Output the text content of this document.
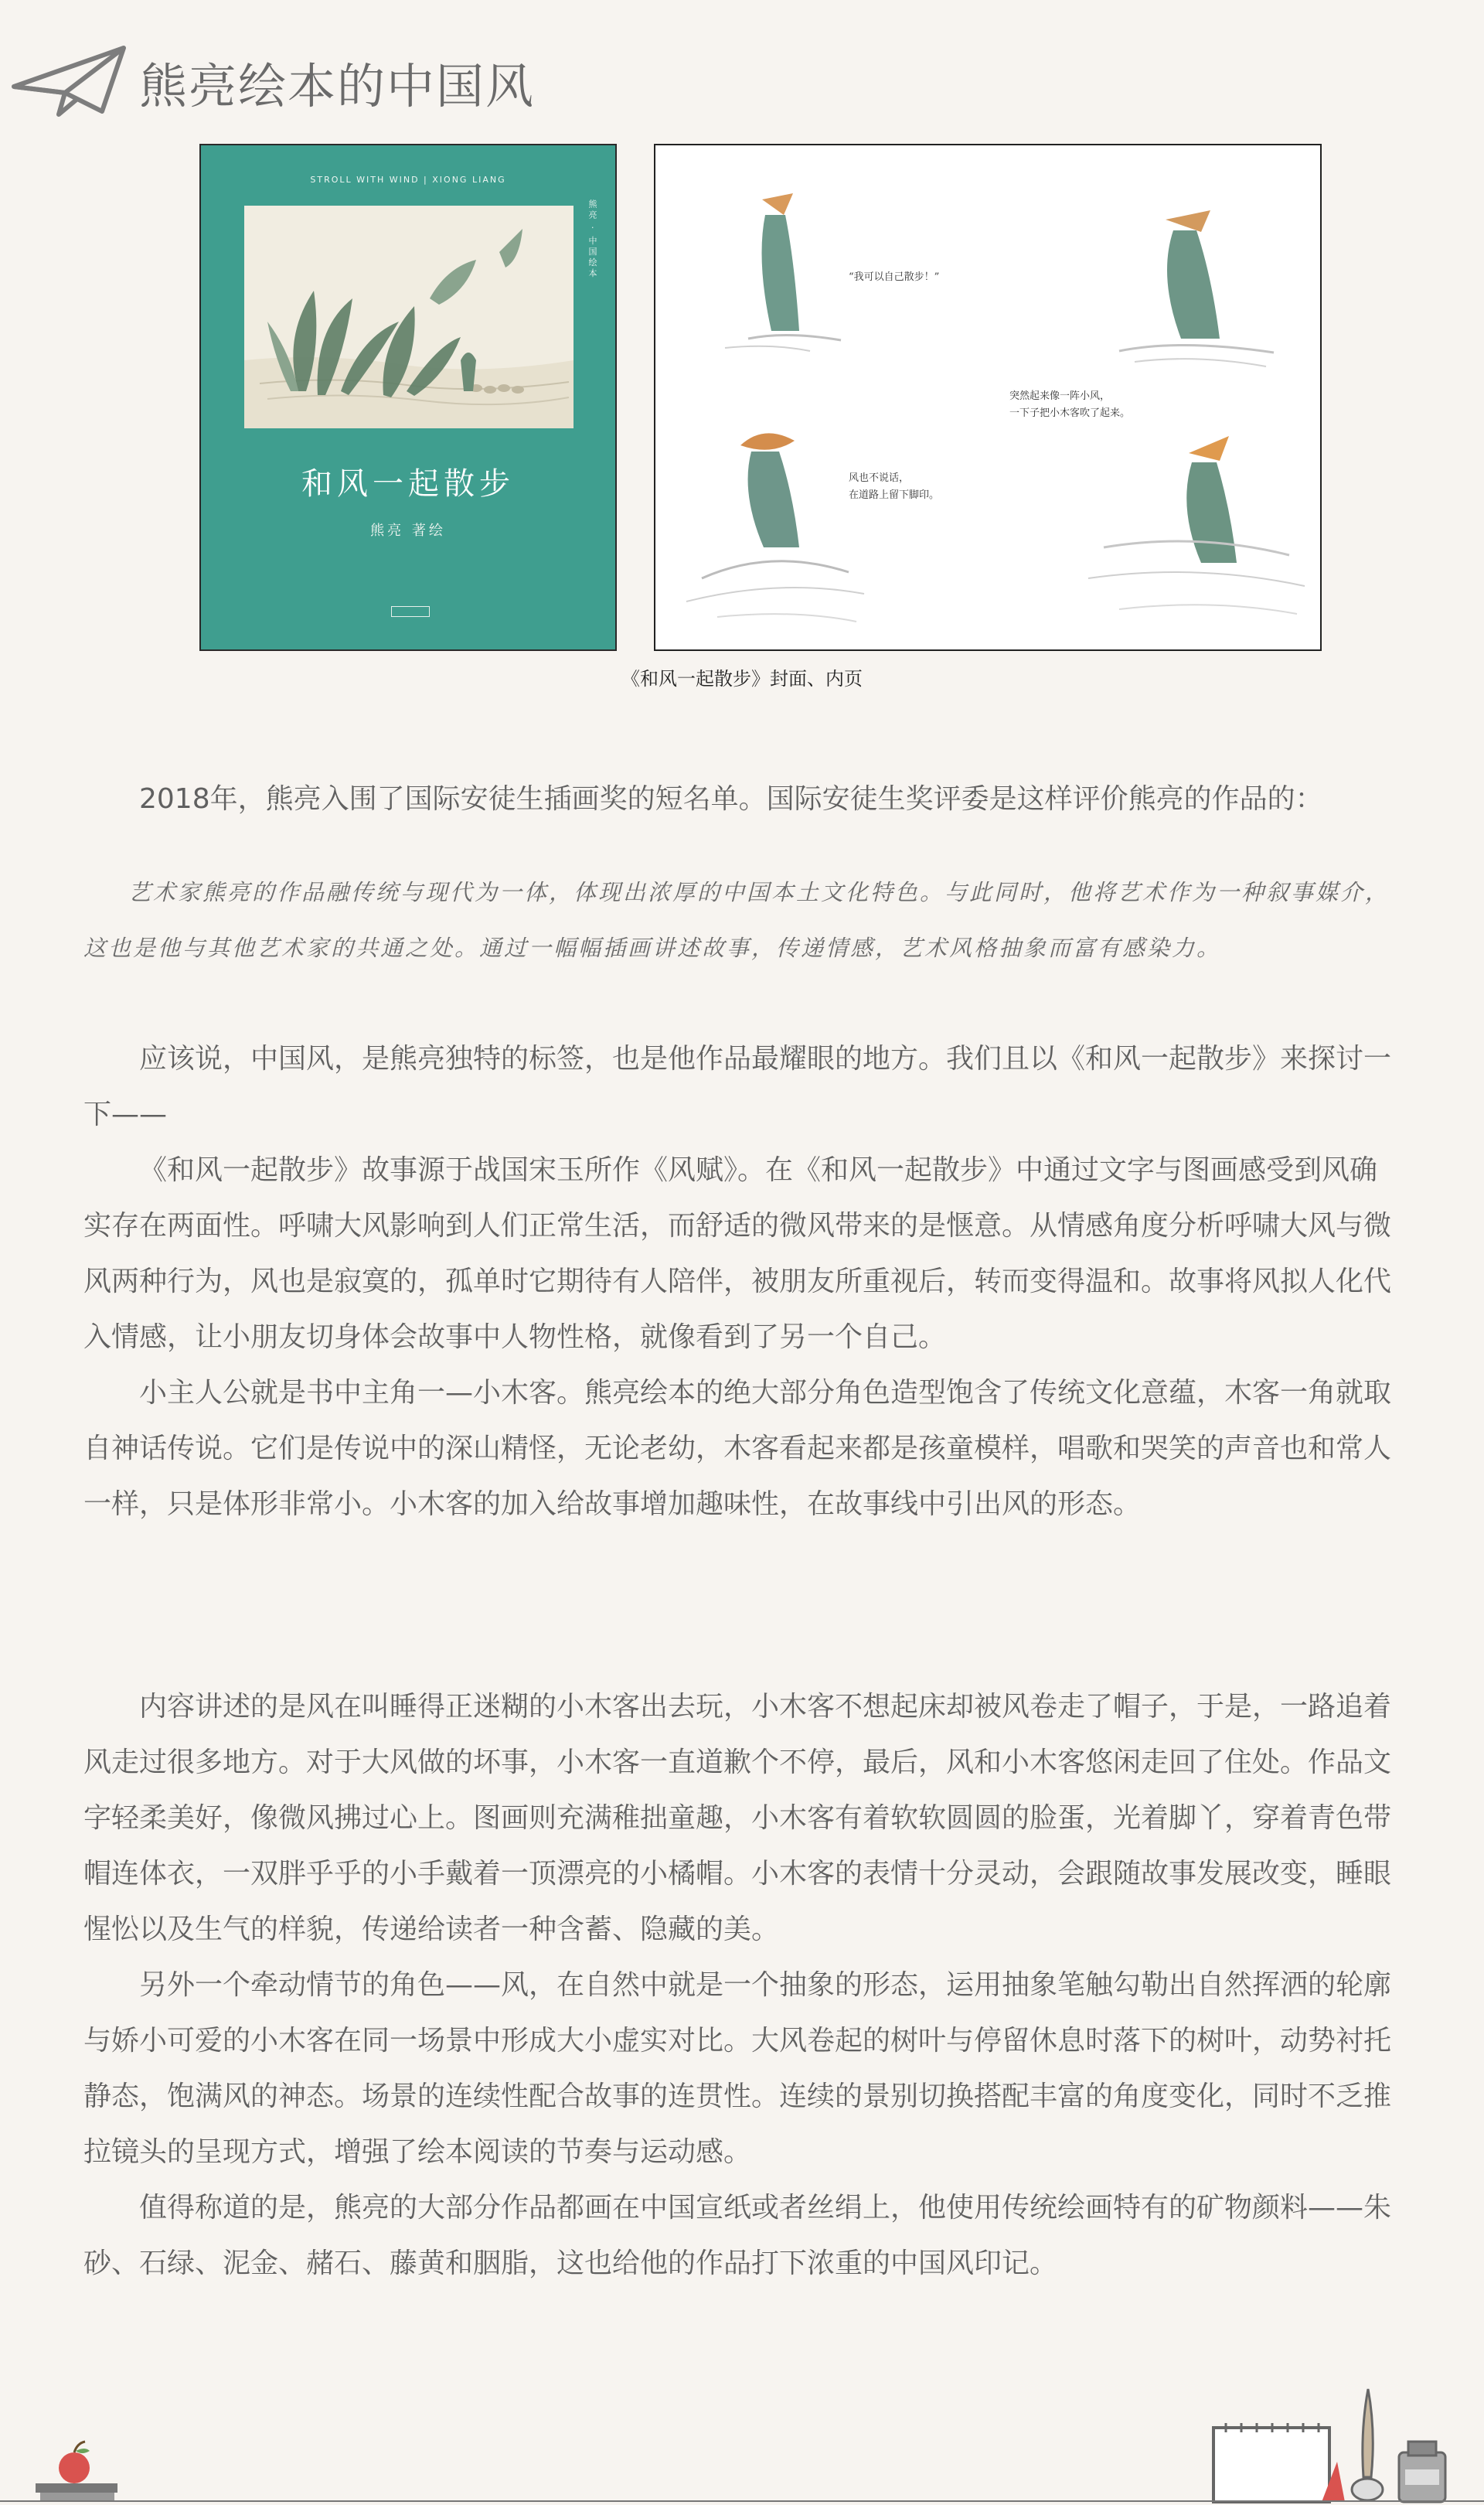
熊亮绘本的中国风
STROLL WITH WIND | XIONG LIANG
熊亮 · 中国绘本
和风一起散步
熊亮 著绘
“我可以自己散步！”
突然起来像一阵小风，
一下子把小木客吹了起来。
风也不说话，
在道路上留下脚印。
《和风一起散步》封面、内页

2018年，熊亮入围了国际安徒生插画奖的短名单。国际安徒生奖评委是这样评价熊亮的作品的：

艺术家熊亮的作品融传统与现代为一体，体现出浓厚的中国本土文化特色。与此同时，他将艺术作为一种叙事媒介，这也是他与其他艺术家的共通之处。通过一幅幅插画讲述故事，传递情感，艺术风格抽象而富有感染力。

应该说，中国风，是熊亮独特的标签，也是他作品最耀眼的地方。我们且以《和风一起散步》来探讨一下——

《和风一起散步》故事源于战国宋玉所作《风赋》。在《和风一起散步》中通过文字与图画感受到风确实存在两面性。呼啸大风影响到人们正常生活，而舒适的微风带来的是惬意。从情感角度分析呼啸大风与微风两种行为，风也是寂寞的，孤单时它期待有人陪伴，被朋友所重视后，转而变得温和。故事将风拟人化代入情感，让小朋友切身体会故事中人物性格，就像看到了另一个自己。

小主人公就是书中主角一—小木客。熊亮绘本的绝大部分角色造型饱含了传统文化意蕴，木客一角就取自神话传说。它们是传说中的深山精怪，无论老幼，木客看起来都是孩童模样，唱歌和哭笑的声音也和常人一样，只是体形非常小。小木客的加入给故事增加趣味性，在故事线中引出风的形态。

内容讲述的是风在叫睡得正迷糊的小木客出去玩，小木客不想起床却被风卷走了帽子，于是，一路追着风走过很多地方。对于大风做的坏事，小木客一直道歉个不停，最后，风和小木客悠闲走回了住处。作品文字轻柔美好，像微风拂过心上。图画则充满稚拙童趣，小木客有着软软圆圆的脸蛋，光着脚丫，穿着青色带帽连体衣，一双胖乎乎的小手戴着一顶漂亮的小橘帽。小木客的表情十分灵动，会跟随故事发展改变，睡眼惺忪以及生气的样貌，传递给读者一种含蓄、隐藏的美。

另外一个牵动情节的角色——风，在自然中就是一个抽象的形态，运用抽象笔触勾勒出自然挥洒的轮廓与娇小可爱的小木客在同一场景中形成大小虚实对比。大风卷起的树叶与停留休息时落下的树叶，动势衬托静态，饱满风的神态。场景的连续性配合故事的连贯性。连续的景别切换搭配丰富的角度变化，同时不乏推拉镜头的呈现方式，增强了绘本阅读的节奏与运动感。

值得称道的是，熊亮的大部分作品都画在中国宣纸或者丝绢上，他使用传统绘画特有的矿物颜料——朱砂、石绿、泥金、赭石、藤黄和胭脂，这也给他的作品打下浓重的中国风印记。
